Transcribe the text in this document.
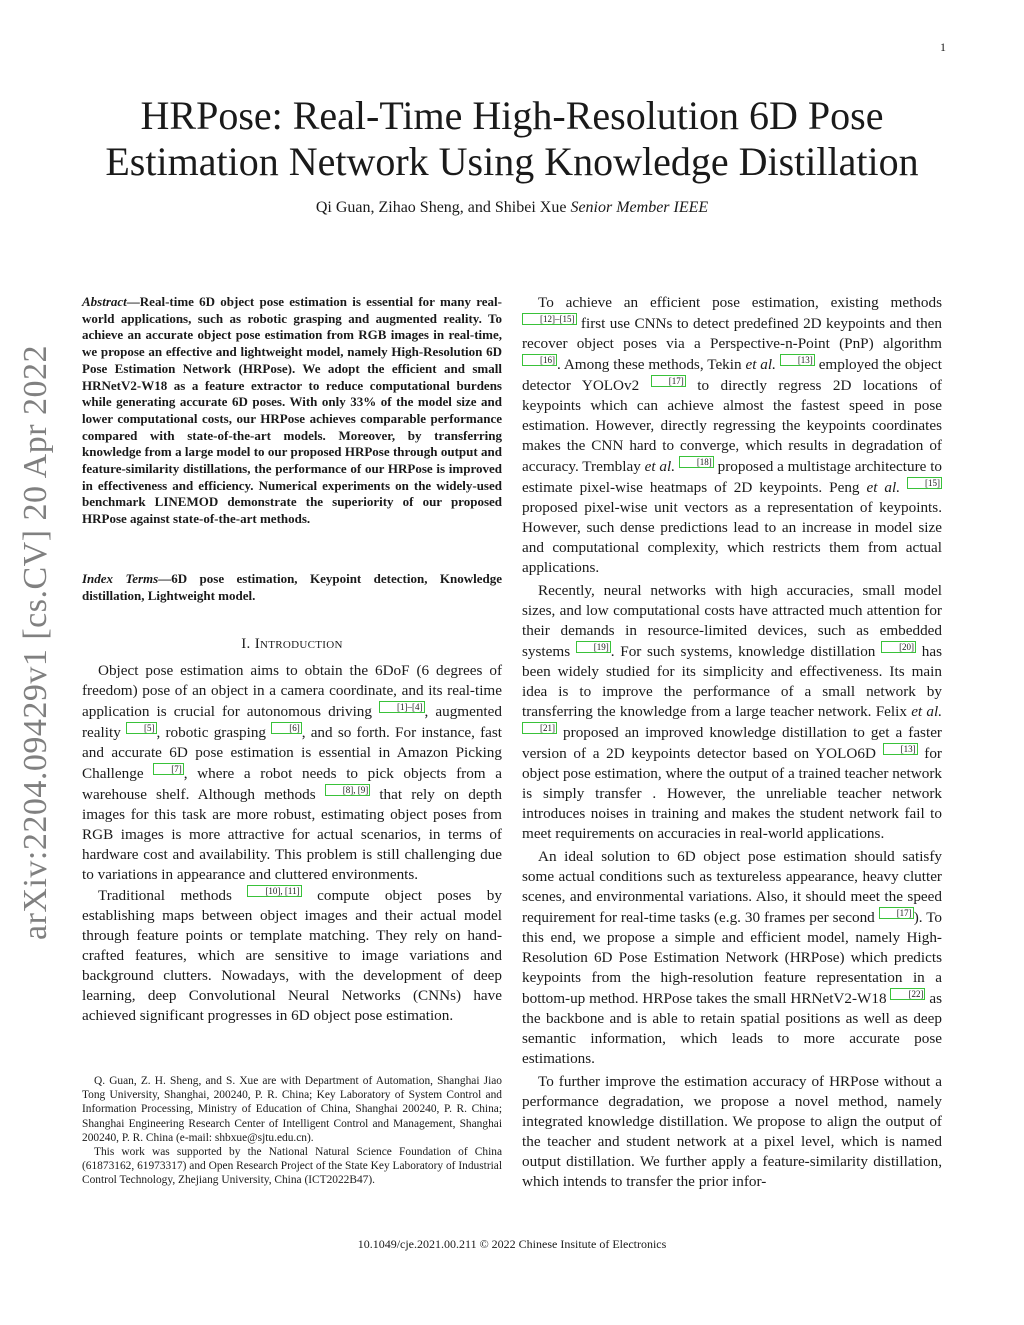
1
arXiv:2204.09429v1 [cs.CV] 20 Apr 2022
HRPose: Real-Time High-Resolution 6D Pose Estimation Network Using Knowledge Distillation
Qi Guan, Zihao Sheng, and Shibei Xue Senior Member IEEE
Abstract—Real-time 6D object pose estimation is essential for many real-world applications, such as robotic grasping and augmented reality. To achieve an accurate object pose estimation from RGB images in real-time, we propose an effective and lightweight model, namely High-Resolution 6D Pose Estimation Network (HRPose). We adopt the efficient and small HRNetV2-W18 as a feature extractor to reduce computational burdens while generating accurate 6D poses. With only 33% of the model size and lower computational costs, our HRPose achieves comparable performance compared with state-of-the-art models. Moreover, by transferring knowledge from a large model to our proposed HRPose through output and feature-similarity distillations, the performance of our HRPose is improved in effectiveness and efficiency. Numerical experiments on the widely-used benchmark LINEMOD demonstrate the superiority of our proposed HRPose against state-of-the-art methods.
Index Terms—6D pose estimation, Keypoint detection, Knowledge distillation, Lightweight model.
I. Introduction

Object pose estimation aims to obtain the 6DoF (6 degrees of freedom) pose of an object in a camera coordinate, and its real-time application is crucial for autonomous driving [1]–[4] , augmented reality [5] , robotic grasping [6] , and so forth. For instance, fast and accurate 6D pose estimation is essential in Amazon Picking Challenge [7] , where a robot needs to pick objects from a warehouse shelf. Although methods [8], [9] that rely on depth images for this task are more robust, estimating object poses from RGB images is more attractive for actual scenarios, in terms of hardware cost and availability. This problem is still challenging due to variations in appearance and cluttered environments.

Traditional methods [10], [11] compute object poses by establishing maps between object images and their actual model through feature points or template matching. They rely on hand-crafted features, which are sensitive to image variations and background clutters. Nowadays, with the development of deep learning, deep Convolutional Neural Networks (CNNs) have achieved significant progresses in 6D object pose estimation.

Q. Guan, Z. H. Sheng, and S. Xue are with Department of Automation, Shanghai Jiao Tong University, Shanghai, 200240, P. R. China; Key Laboratory of System Control and Information Processing, Ministry of Education of China, Shanghai 200240, P. R. China; Shanghai Engineering Research Center of Intelligent Control and Management, Shanghai 200240, P. R. China (e-mail: shbxue@sjtu.edu.cn).

This work was supported by the National Natural Science Foundation of China (61873162, 61973317) and Open Research Project of the State Key Laboratory of Industrial Control Technology, Zhejiang University, China (ICT2022B47).

To achieve an efficient pose estimation, existing methods [12]–[15] first use CNNs to detect predefined 2D keypoints and then recover object poses via a Perspective-n-Point (PnP) algorithm [16] . Among these methods, Tekin et al. [13] employed the object detector YOLOv2 [17] to directly regress 2D locations of keypoints which can achieve almost the fastest speed in pose estimation. However, directly regressing the keypoints coordinates makes the CNN hard to converge, which results in degradation of accuracy. Tremblay et al. [18] proposed a multistage architecture to estimate pixel-wise heatmaps of 2D keypoints. Peng et al.	[15] proposed pixel-wise unit vectors as a representation of keypoints. However, such dense predictions lead to an increase in model size and computational complexity, which restricts them from actual applications.

Recently, neural networks with high accuracies, small model sizes, and low computational costs have attracted much attention for their demands in resource-limited devices, such as embedded systems [19] . For such systems, knowledge distillation [20] has been widely studied for its simplicity and effectiveness. Its main idea is to improve the performance of a small network by transferring the knowledge from a large teacher network. Felix et al. [21] proposed an improved knowledge distillation to get a faster version of a 2D keypoints detector based on YOLO6D [13] for object pose estimation, where the output of a trained teacher network is simply transfer . However, the unreliable teacher network introduces noises in training and makes the student network fail to meet requirements on accuracies in real-world applications.

An ideal solution to 6D object pose estimation should satisfy some actual conditions such as textureless appearance, heavy clutter scenes, and environmental variations. Also, it should meet the speed requirement for real-time tasks (e.g. 30 frames per second [17] ). To this end, we propose a simple and efficient model, namely High-Resolution 6D Pose Estimation Network (HRPose) which predicts keypoints from the high-resolution feature representation in a bottom-up method. HRPose takes the small HRNetV2-W18 [22] as the backbone and is able to retain spatial positions as well as deep semantic information, which leads to more accurate pose estimations.

To further improve the estimation accuracy of HRPose without a performance degradation, we propose a novel method, namely integrated knowledge distillation. We propose to align the output of the teacher and student network at a pixel level, which is named output distillation. We further apply a feature-similarity distillation, which intends to transfer the prior infor-

10.1049/cje.2021.00.211 © 2022 Chinese Insitute of Electronics
